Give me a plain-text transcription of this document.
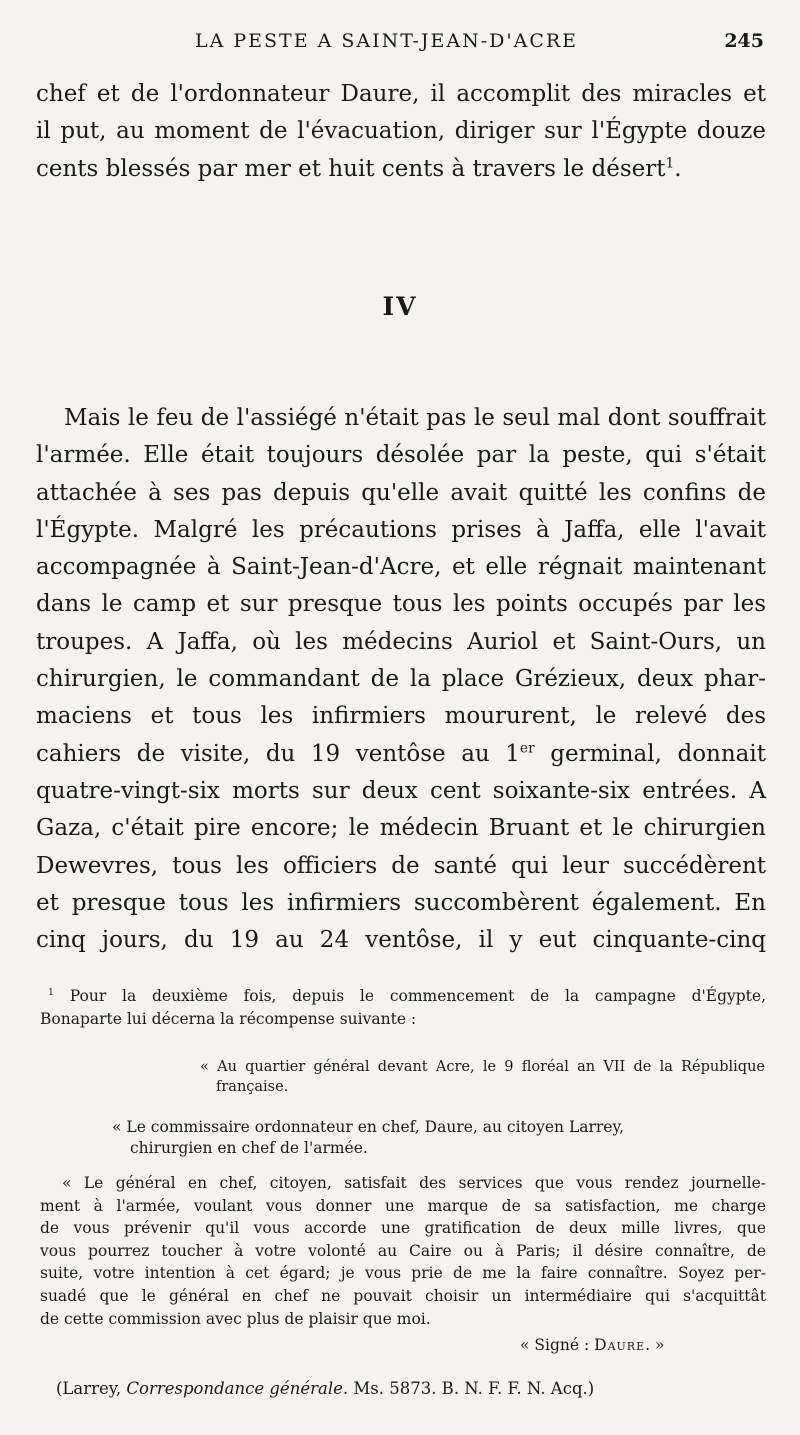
LA PESTE A SAINT-JEAN-D'ACRE	245
chef et de l'ordonnateur Daure, il accomplit des miracles et
il put, au moment de l'évacuation, diriger sur l'Égypte douze
cents blessés par mer et huit cents à travers le désert$^1$.
IV
Mais le feu de l'assiégé n'était pas le seul mal dont souffrait
l'armée. Elle était toujours désolée par la peste, qui s'était
attachée à ses pas depuis qu'elle avait quitté les confins de
l'Égypte. Malgré les précautions prises à Jaffa, elle l'avait
accompagnée à Saint-Jean-d'Acre, et elle régnait maintenant
dans le camp et sur presque tous les points occupés par les
troupes. A Jaffa, où les médecins Auriol et Saint-Ours, un
chirurgien, le commandant de la place Grézieux, deux phar-
maciens et tous les infirmiers moururent, le relevé des
cahiers de visite, du 19 ventôse au 1er germinal, donnait
quatre-vingt-six morts sur deux cent soixante-six entrées. A
Gaza, c'était pire encore; le médecin Bruant et le chirurgien
Dewevres, tous les officiers de santé qui leur succédèrent
et presque tous les infirmiers succombèrent également. En
cinq jours, du 19 au 24 ventôse, il y eut cinquante-cinq
$^1$ Pour la deuxième fois, depuis le commencement de la campagne d'Égypte,
Bonaparte lui décerna la récompense suivante :
« Au quartier général devant Acre, le 9 floréal an VII de la République
française.
« Le commissaire ordonnateur en chef, Daure, au citoyen Larrey,
chirurgien en chef de l'armée.
« Le général en chef, citoyen, satisfait des services que vous rendez journelle-
ment à l'armée, voulant vous donner une marque de sa satisfaction, me charge
de vous prévenir qu'il vous accorde une gratification de deux mille livres, que
vous pourrez toucher à votre volonté au Caire ou à Paris; il désire connaître, de
suite, votre intention à cet égard; je vous prie de me la faire connaître. Soyez per-
suadé que le général en chef ne pouvait choisir un intermédiaire qui s'acquittât
de cette commission avec plus de plaisir que moi.
« Signé : Daure. »
(Larrey, Correspondance générale. Ms. 5873. B. N. F. F. N. Acq.)
